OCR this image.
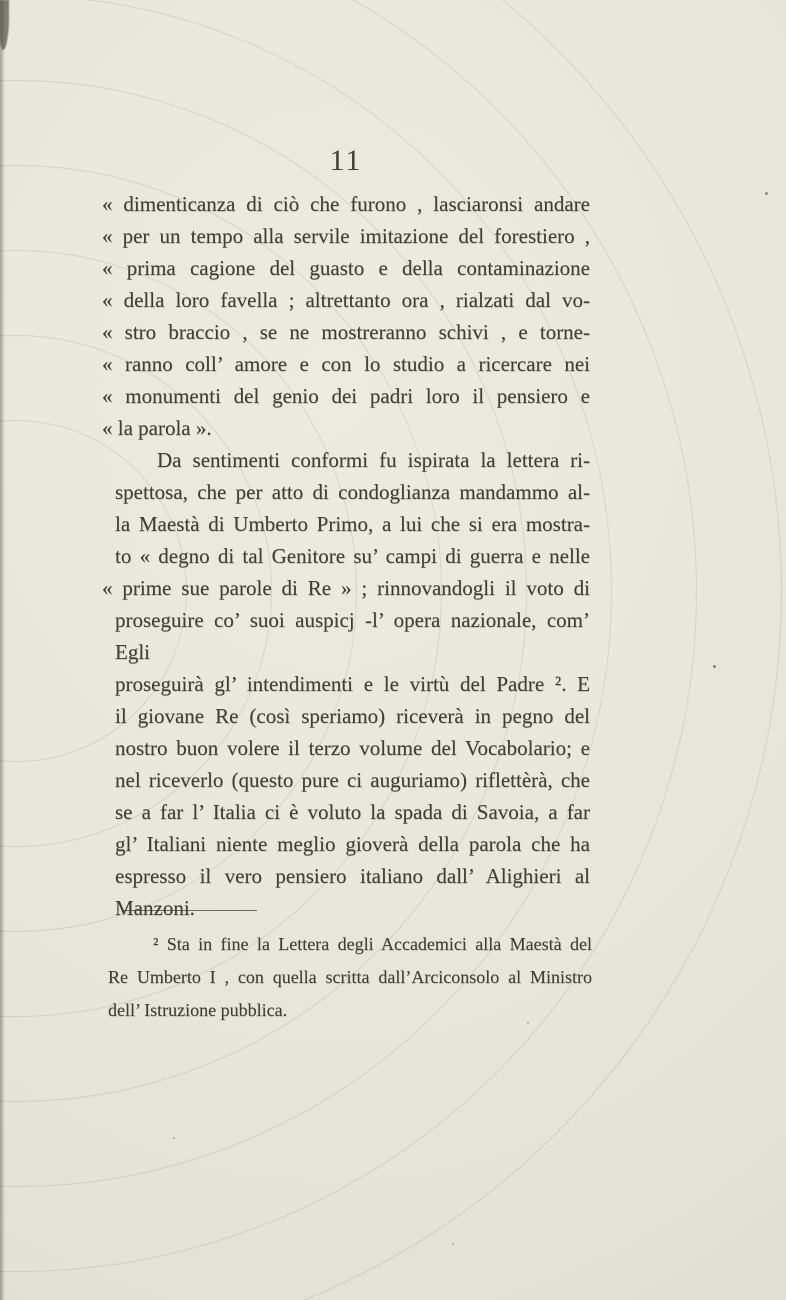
11
« dimenticanza di ciò che furono , lasciaronsi andare
« per un tempo alla servile imitazione del forestiero ,
« prima cagione del guasto e della contaminazione
« della loro favella ; altrettanto ora , rialzati dal vo-
« stro braccio , se ne mostreranno schivi , e torne-
« ranno coll’ amore e con lo studio a ricercare nei
« monumenti del genio dei padri loro il pensiero e
« la parola ».
Da sentimenti conformi fu ispirata la lettera ri-
spettosa, che per atto di condoglianza mandammo al-
la Maestà di Umberto Primo, a lui che si era mostra-
to « degno di tal Genitore su’ campi di guerra e nelle
« prime sue parole di Re » ; rinnovandogli il voto di
proseguire co’ suoi auspicj -l’ opera nazionale, com’ Egli
proseguirà gl’ intendimenti e le virtù del Padre ². E
il giovane Re (così speriamo) riceverà in pegno del
nostro buon volere il terzo volume del Vocabolario; e
nel riceverlo (questo pure ci auguriamo) riflettèrà, che
se a far l’ Italia ci è voluto la spada di Savoia, a far
gl’ Italiani niente meglio gioverà della parola che ha
espresso il vero pensiero italiano dall’ Alighieri al
Manzoni.
² Sta in fine la Lettera degli Accademici alla Maestà del
Re Umberto I , con quella scritta dall’Arciconsolo al Ministro
dell’ Istruzione pubblica.
